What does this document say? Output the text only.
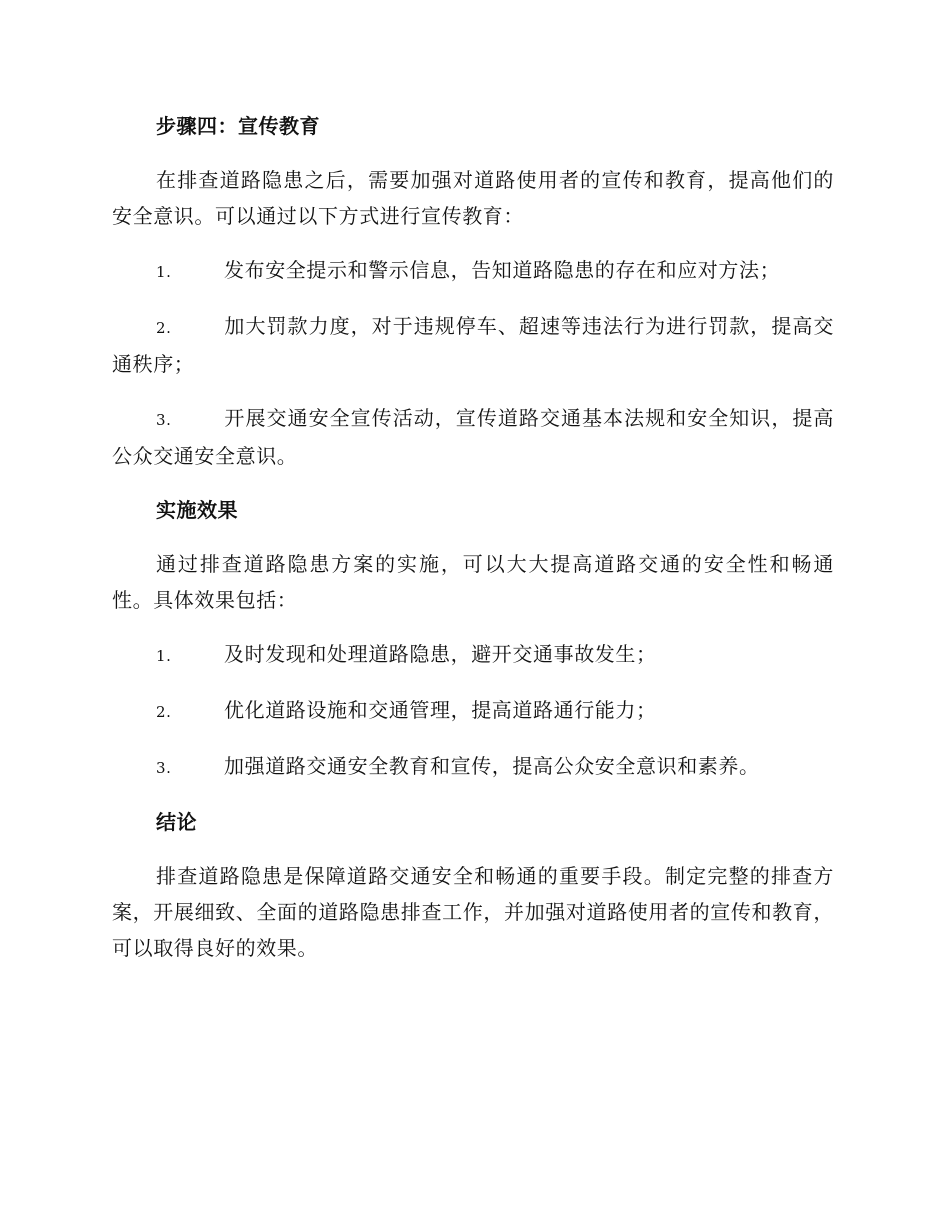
步骤四：宣传教育

在排查道路隐患之后，需要加强对道路使用者的宣传和教育，提高他们的安全意识。可以通过以下方式进行宣传教育：

1.	发布安全提示和警示信息，告知道路隐患的存在和应对方法；

2.	加大罚款力度，对于违规停车、超速等违法行为进行罚款，提高交通秩序；

3.	开展交通安全宣传活动，宣传道路交通基本法规和安全知识，提高公众交通安全意识。

实施效果

通过排查道路隐患方案的实施，可以大大提高道路交通的安全性和畅通性。具体效果包括：

1.	及时发现和处理道路隐患，避开交通事故发生；

2.	优化道路设施和交通管理，提高道路通行能力；

3.	加强道路交通安全教育和宣传，提高公众安全意识和素养。

结论

排查道路隐患是保障道路交通安全和畅通的重要手段。制定完整的排查方案，开展细致、全面的道路隐患排查工作，并加强对道路使用者的宣传和教育，可以取得良好的效果。
